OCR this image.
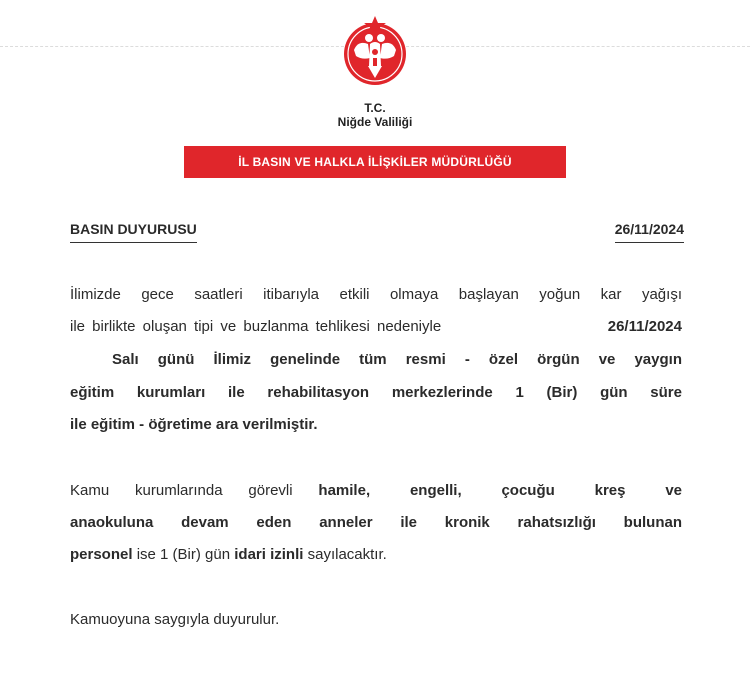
T.C.
Niğde Valiliği
İL BASIN VE HALKLA İLİŞKİLER MÜDÜRLÜĞÜ
BASIN DUYURUSU	26/11/2024
İlimizde gece saatleri itibarıyla etkili olmaya başlayan yoğun kar yağışı
ile birlikte oluşan tipi ve buzlanma tehlikesi nedeniyle	26/11/2024
Salı günü İlimiz genelinde tüm resmi - özel örgün ve yaygın
eğitim kurumları ile rehabilitasyon merkezlerinde 1 (Bir) gün süre
ile eğitim - öğretime ara verilmiştir.
Kamu kurumlarında görevli hamile, engelli, çocuğu kreş ve
anaokuluna devam eden anneler ile kronik rahatsızlığı bulunan
personel ise 1 (Bir) gün idari izinli sayılacaktır.
Kamuoyuna saygıyla duyurulur.
